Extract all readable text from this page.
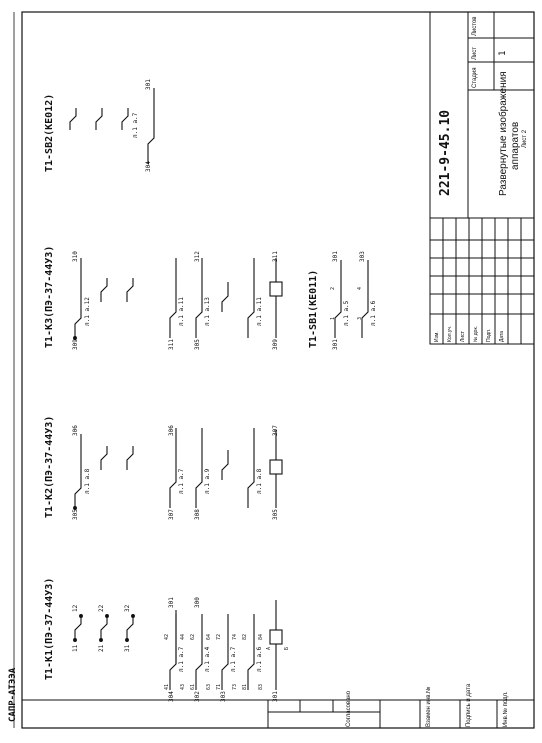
САПР-АТЭЭА
Т1-К1(ПЭ-37-44У3)
Т1-К2(ПЭ-37-44У3)
Т1-К3(ПЭ-37-44У3)	Т1-SB1(КЕ011)
Т1-SB2(КЕ012)
11
12
21
22
31
32
304
301
302
300
303	301
л.1 а.7	л.1 а.4	л.1 а.7	л.1 а.6
305
306
307
306
308	305
307
л.1 а.8	л.1 а.7	л.1 а.9	л.1 а.8
309
310
311
312
305	309
311
л.1 а.12	л.1 а.11	л.1 а.13	л.1 а.11
301
301	303
л.1 а.5	л.1 а.6
304
301
л.1 а.7	221-9-45.10	Развернутые изображения аппаратов Лист 2
Стадия
Лист
Листов
1
Изм. Кол.уч. Лист № док. Подп. Дата
Согласовано	Инв.№ подл.
Подпись и дата
Взамен инв.№
41
42
43
44
61
62
63
64
71
72
73
74
81
82
83
84
А Б
1
2
3
4
